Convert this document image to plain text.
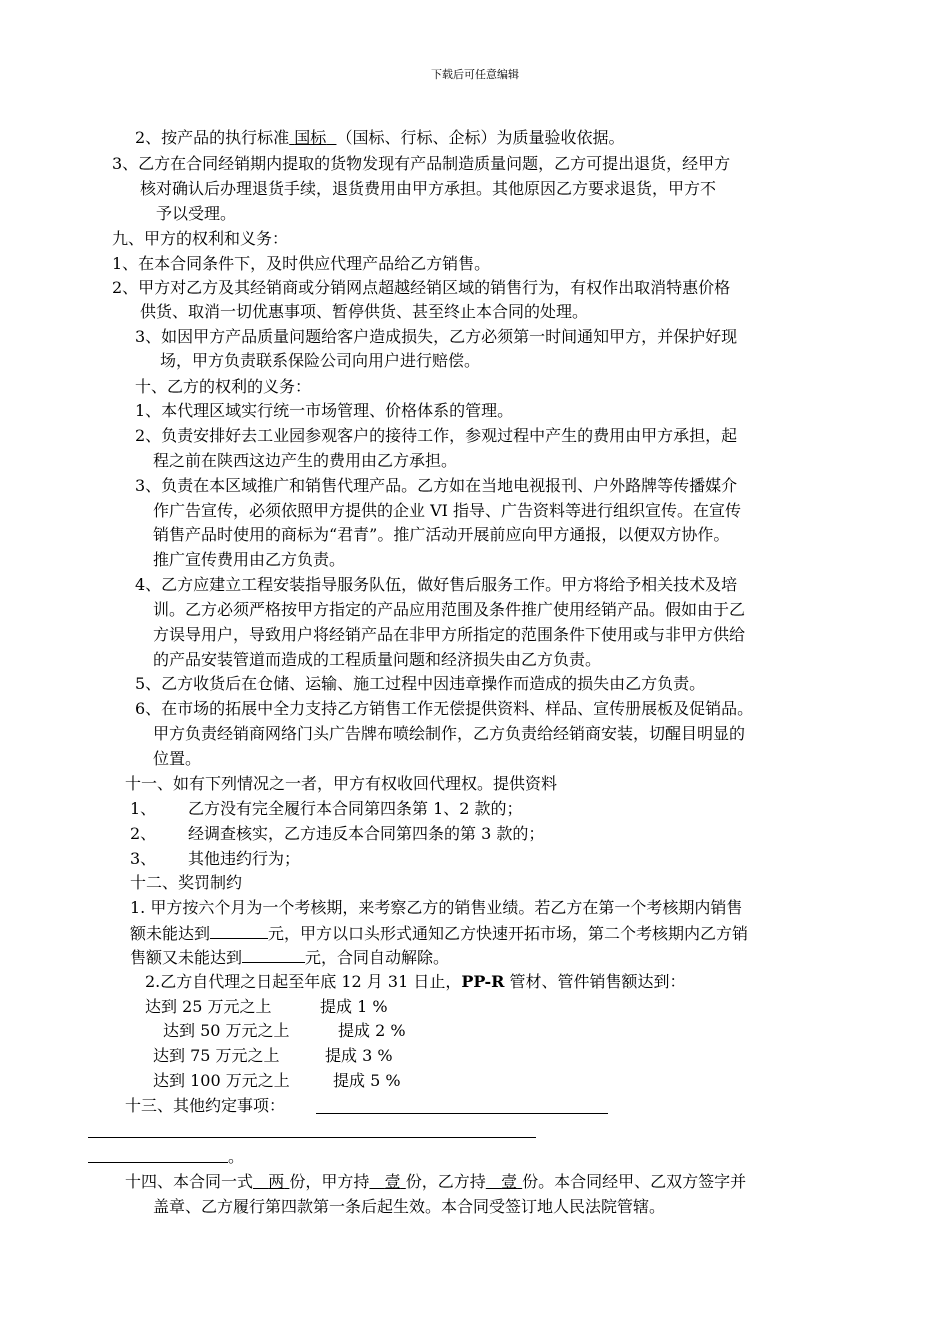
下载后可任意编辑
2、按产品的执行标准 国标 （国标、行标、企标）为质量验收依据。
3、乙方在合同经销期内提取的货物发现有产品制造质量问题，乙方可提出退货，经甲方
核对确认后办理退货手续，退货费用由甲方承担。其他原因乙方要求退货，甲方不
予以受理。
九、甲方的权利和义务：
1、在本合同条件下，及时供应代理产品给乙方销售。
2、甲方对乙方及其经销商或分销网点超越经销区域的销售行为，有权作出取消特惠价格
供货、取消一切优惠事项、暂停供货、甚至终止本合同的处理。
3、如因甲方产品质量问题给客户造成损失，乙方必须第一时间通知甲方，并保护好现
场，甲方负责联系保险公司向用户进行赔偿。
十、乙方的权利的义务：
1、本代理区域实行统一市场管理、价格体系的管理。
2、负责安排好去工业园参观客户的接待工作，参观过程中产生的费用由甲方承担，起
程之前在陕西这边产生的费用由乙方承担。
3、负责在本区域推广和销售代理产品。乙方如在当地电视报刊、户外路牌等传播媒介
作广告宣传，必须依照甲方提供的企业 VI 指导、广告资料等进行组织宣传。在宣传
销售产品时使用的商标为“君青”。推广活动开展前应向甲方通报，以便双方协作。
推广宣传费用由乙方负责。
4、乙方应建立工程安装指导服务队伍，做好售后服务工作。甲方将给予相关技术及培
训。乙方必须严格按甲方指定的产品应用范围及条件推广使用经销产品。假如由于乙
方误导用户，导致用户将经销产品在非甲方所指定的范围条件下使用或与非甲方供给
的产品安装管道而造成的工程质量问题和经济损失由乙方负责。
5、乙方收货后在仓储、运输、施工过程中因违章操作而造成的损失由乙方负责。
6、在市场的拓展中全力支持乙方销售工作无偿提供资料、样品、宣传册展板及促销品。
甲方负责经销商网络门头广告牌布喷绘制作，乙方负责给经销商安装，切醒目明显的
位置。
十一、如有下列情况之一者，甲方有权收回代理权。提供资料
1、 乙方没有完全履行本合同第四条第 1、2 款的；
2、 经调查核实，乙方违反本合同第四条的第 3 款的；
3、 其他违约行为；
十二、奖罚制约
1. 甲方按六个月为一个考核期，来考察乙方的销售业绩。若乙方在第一个考核期内销售
额未能达到	元，甲方以口头形式通知乙方快速开拓市场，第二个考核期内乙方销
售额又未能达到	元，合同自动解除。
2.乙方自代理之日起至年底 12 月 31 日止，PP-R 管材、管件销售额达到：
达到 25 万元之上	提成 1 %
达到 50 万元之上	提成 2 %
达到 75 万元之上	提成 3 %
达到 100 万元之上	提成 5 %
十三、其他约定事项：
。
十四、本合同一式 两 份，甲方持 壹 份，乙方持 壹 份。本合同经甲、乙双方签字并
盖章、乙方履行第四款第一条后起生效。本合同受签订地人民法院管辖。
